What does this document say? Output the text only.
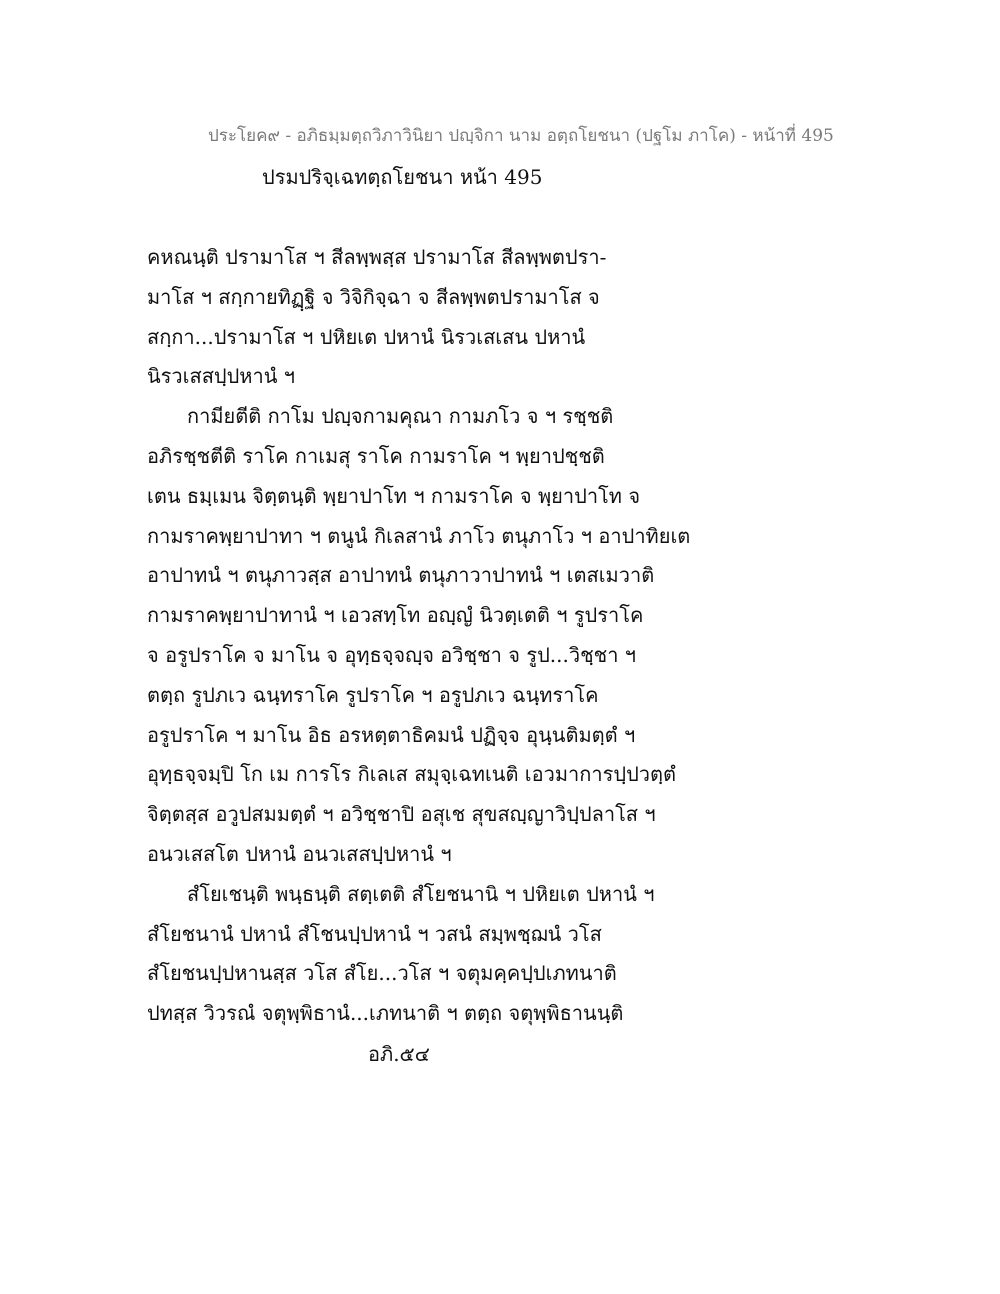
ประโยค๙ - อภิธมฺมตฺถวิภาวินิยา ปญฺจิกา นาม อตฺถโยชนา (ปฐโม ภาโค) - หน้าที่ 495
ปรมปริจฺเฉทตฺถโยชนา หน้า 495
คหณนฺติ ปรามาโส ฯ สีลพฺพสฺส ปรามาโส สีลพฺพตปรา-
มาโส ฯ สกฺกายทิฏฺฐิ จ วิจิกิจฺฉา จ สีลพฺพตปรามาโส จ
สกฺกา...ปรามาโส ฯ ปหิยเต ปหานํ นิรวเสเสน ปหานํ
นิรวเสสปฺปหานํ ฯ
กามียตีติ กาโม ปญฺจกามคุณา กามภโว จ ฯ รชฺชติ
อภิรชฺชตีติ ราโค กาเมสุ ราโค กามราโค ฯ พฺยาปชฺชติ
เตน ธมฺเมน จิตฺตนฺติ พฺยาปาโท ฯ กามราโค จ พฺยาปาโท จ
กามราคพฺยาปาทา ฯ ตนูนํ กิเลสานํ ภาโว ตนุภาโว ฯ อาปาทิยเต
อาปาทนํ ฯ ตนุภาวสฺส อาปาทนํ ตนุภาวาปาทนํ ฯ เตสเมวาติ
กามราคพฺยาปาทานํ ฯ เอวสทฺโท อญฺญํ นิวตฺเตติ ฯ รูปราโค
จ อรูปราโค จ มาโน จ อุทฺธจฺจญฺจ อวิชฺชา จ รูป...วิชฺชา ฯ
ตตฺถ รูปภเว ฉนฺทราโค รูปราโค ฯ อรูปภเว ฉนฺทราโค
อรูปราโค ฯ มาโน อิธ อรหตฺตาธิคมนํ ปฏิจฺจ อุนฺนติมตฺตํ ฯ
อุทฺธจฺจมฺปิ โก เม การโร กิเลเส สมุจฺเฉทเนติ เอวมาการปฺปวตฺตํ
จิตฺตสฺส อวูปสมมตฺตํ ฯ อวิชฺชาปิ อสุเช สุขสญฺญาวิปฺปลาโส ฯ
อนวเสสโต ปหานํ อนวเสสปฺปหานํ ฯ
สํโยเชนฺติ พนฺธนฺติ สตฺเตติ สํโยชนานิ ฯ ปหิยเต ปหานํ ฯ
สํโยชนานํ ปหานํ สํโชนปฺปหานํ ฯ วสนํ สมฺพชฺฌนํ วโส
สํโยชนปฺปหานสฺส วโส สํโย...วโส ฯ จตุมคฺคปฺปเภทนาติ
ปทสฺส วิวรณํ จตุพฺพิธานํ...เภทนาติ ฯ ตตฺถ จตุพฺพิธานนฺติ
อภิ.๕๔
